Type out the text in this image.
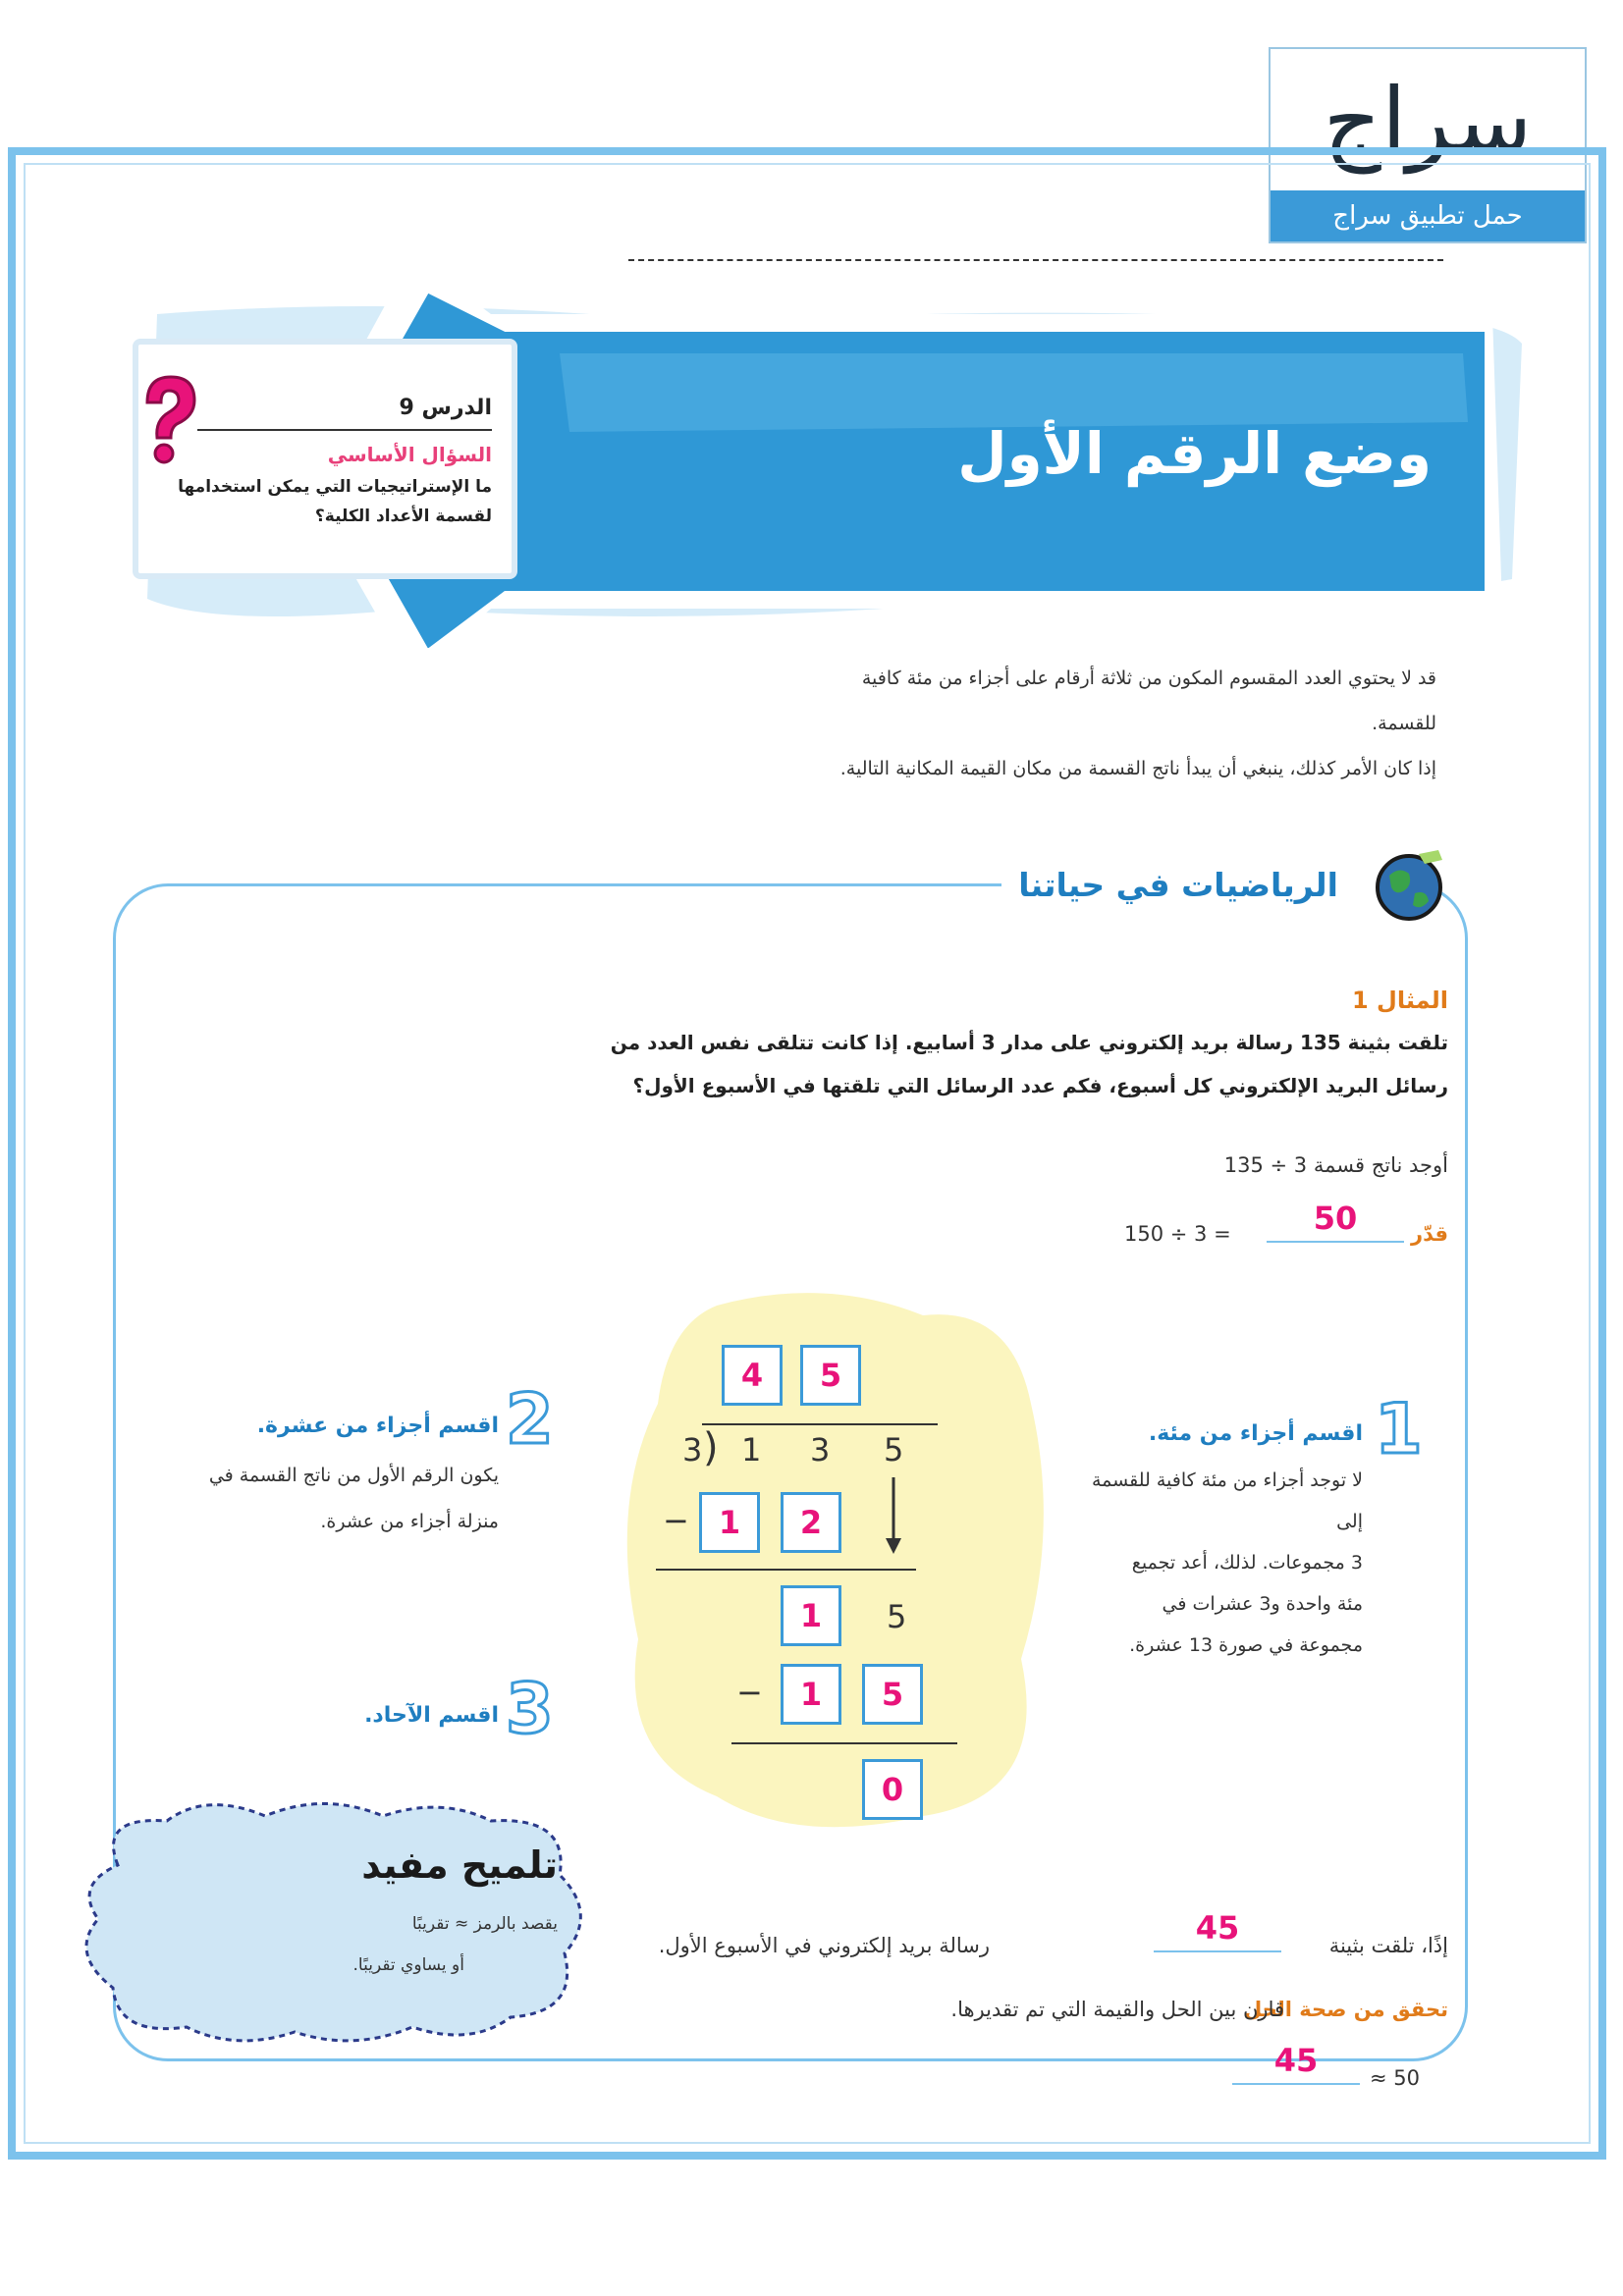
سراج
حمل تطبيق سراج
الدرس 9
السؤال الأساسي
ما الإستراتيجيات التي يمكن استخدامها لقسمة الأعداد الكلية؟
وضع الرقم الأول
قد لا يحتوي العدد المقسوم المكون من ثلاثة أرقام على أجزاء من مئة كافية
للقسمة.
إذا كان الأمر كذلك، ينبغي أن يبدأ ناتج القسمة من مكان القيمة المكانية التالية.
الرياضيات في حياتنا
المثال 1
تلقت بثينة 135 رسالة بريد إلكتروني على مدار 3 أسابيع. إذا كانت تتلقى نفس العدد من
رسائل البريد الإلكتروني كل أسبوع، فكم عدد الرسائل التي تلقتها في الأسبوع الأول؟
أوجد ناتج قسمة 3 ÷ 135
قدّر
50
150 ÷ 3 =
4	5
3 ) 1 3 5
− 1	2
1	5
−	1	5
0
1
اقسم أجزاء من مئة.
لا توجد أجزاء من مئة كافية للقسمة
إلى
3 مجموعات. لذلك، أعد تجميع
مئة واحدة و3 عشرات في
مجموعة في صورة 13 عشرة.
2
اقسم أجزاء من عشرة.
يكون الرقم الأول من ناتج القسمة في
منزلة أجزاء من عشرة.
3
اقسم الآحاد.
تلميح مفيد
يقصد بالرمز ≈ تقريبًا
أو يساوي تقريبًا.
إذًا، تلقت بثينة
45
رسالة بريد إلكتروني في الأسبوع الأول.
تحقق من صحة الحل
قارن بين الحل والقيمة التي تم تقديرها.
45	≈ 50
